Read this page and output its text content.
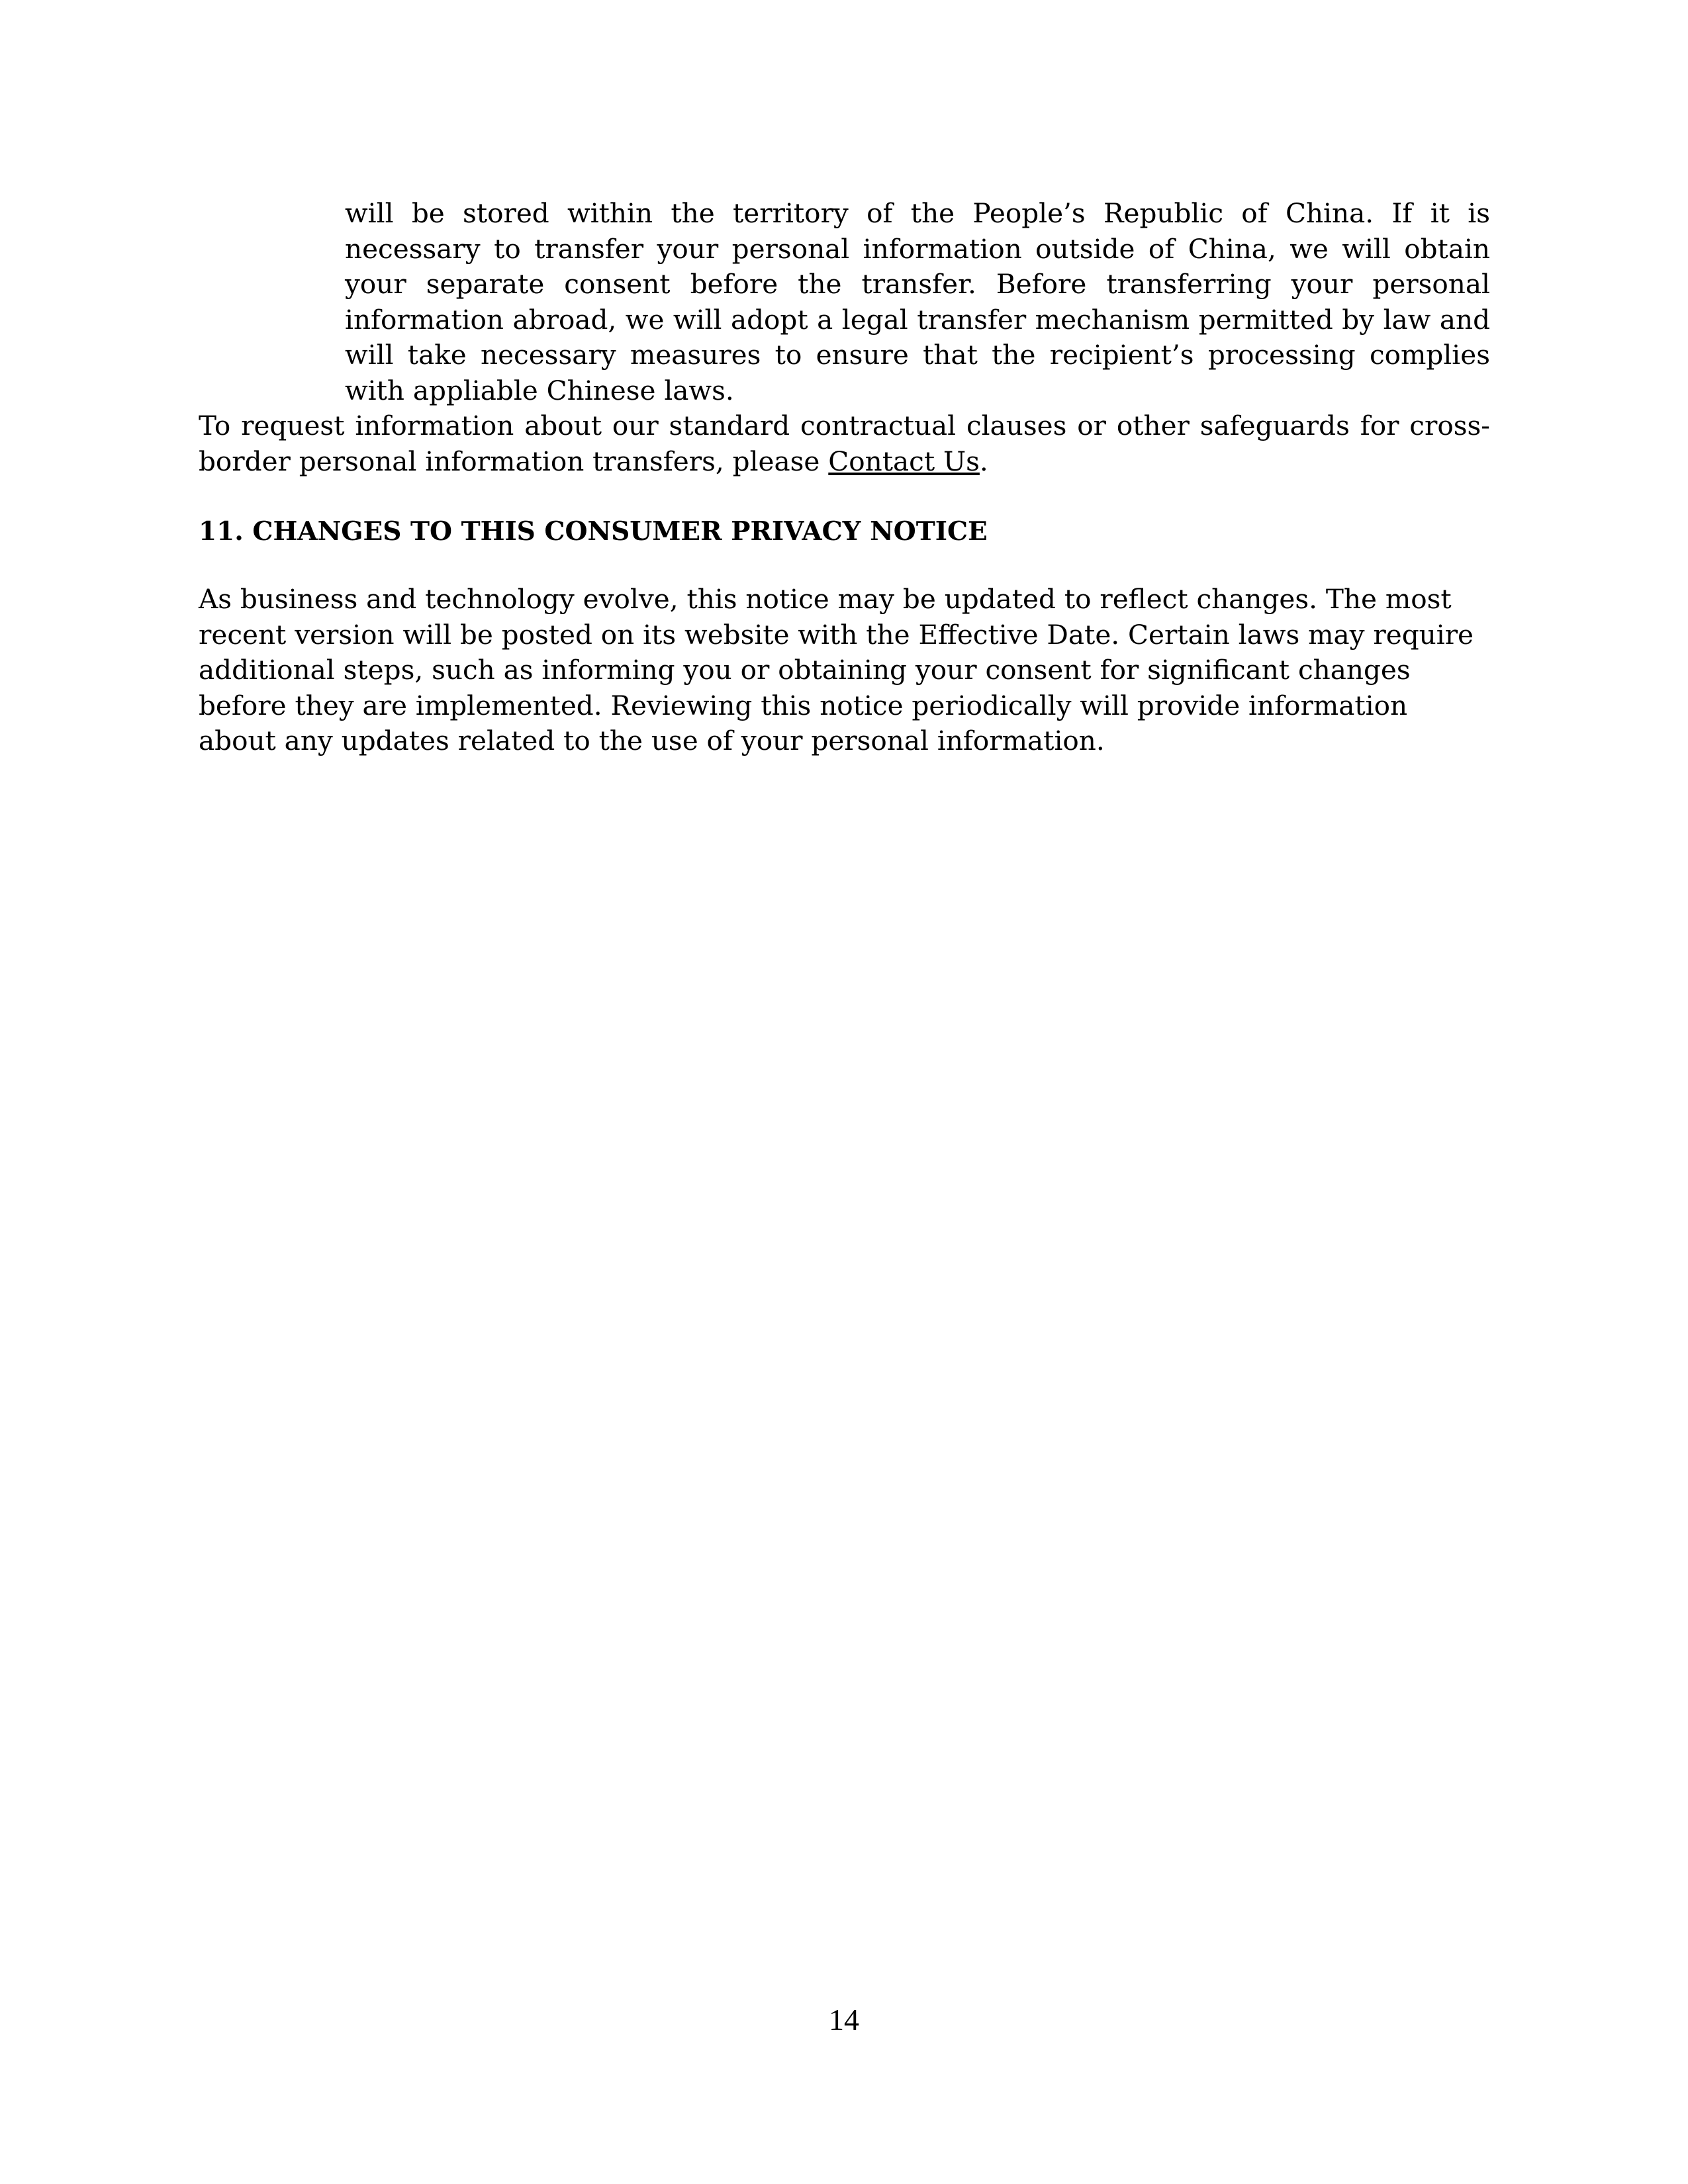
will be stored within the territory of the People’s Republic of China. If it is necessary to transfer your personal information outside of China, we will obtain your separate consent before the transfer. Before transferring your personal information abroad, we will adopt a legal transfer mechanism permitted by law and will take necessary measures to ensure that the recipient’s processing complies with appliable Chinese laws.

To request information about our standard contractual clauses or other safeguards for cross-border personal information transfers, please Contact Us.

11. CHANGES TO THIS CONSUMER PRIVACY NOTICE

As business and technology evolve, this notice may be updated to reflect changes. The most recent version will be posted on its website with the Effective Date. Certain laws may require additional steps, such as informing you or obtaining your consent for significant changes before they are implemented. Reviewing this notice periodically will provide information about any updates related to the use of your personal information.

14
